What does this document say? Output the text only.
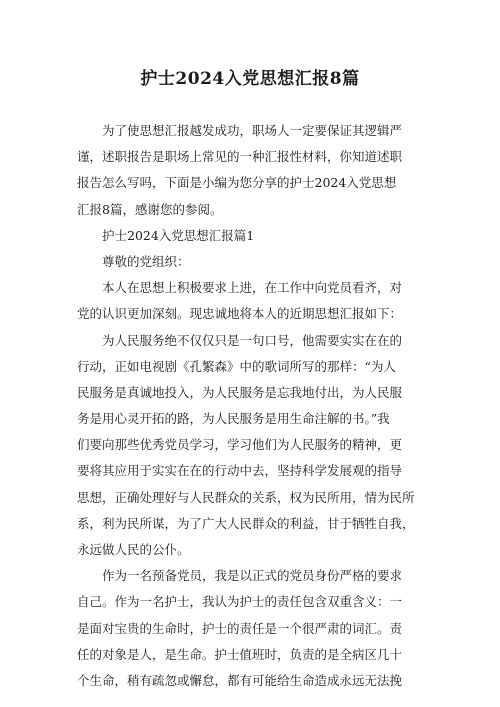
护士2024入党思想汇报8篇
为了使思想汇报越发成功，职场人一定要保证其逻辑严
谨，述职报告是职场上常见的一种汇报性材料，你知道述职
报告怎么写吗，下面是小编为您分享的护士2024入党思想
汇报8篇，感谢您的参阅。
护士2024入党思想汇报篇1
尊敬的党组织：
本人在思想上积极要求上进，在工作中向党员看齐，对
党的认识更加深刻。现忠诚地将本人的近期思想汇报如下：
为人民服务绝不仅仅只是一句口号，他需要实实在在的
行动，正如电视剧《孔繁森》中的歌词所写的那样：“为人
民服务是真诚地投入，为人民服务是忘我地付出，为人民服
务是用心灵开拓的路，为人民服务是用生命注解的书。”我
们要向那些优秀党员学习，学习他们为人民服务的精神，更
要将其应用于实实在在的行动中去，坚持科学发展观的指导
思想，正确处理好与人民群众的关系，权为民所用，情为民所
系，利为民所谋，为了广大人民群众的利益，甘于牺牲自我，
永远做人民的公仆。
作为一名预备党员，我是以正式的党员身份严格的要求
自己。作为一名护士，我认为护士的责任包含双重含义：一
是面对宝贵的生命时，护士的责任是一个很严肃的词汇。责
任的对象是人，是生命。护士值班时，负责的是全病区几十
个生命，稍有疏忽或懈怠，都有可能给生命造成永远无法挽
